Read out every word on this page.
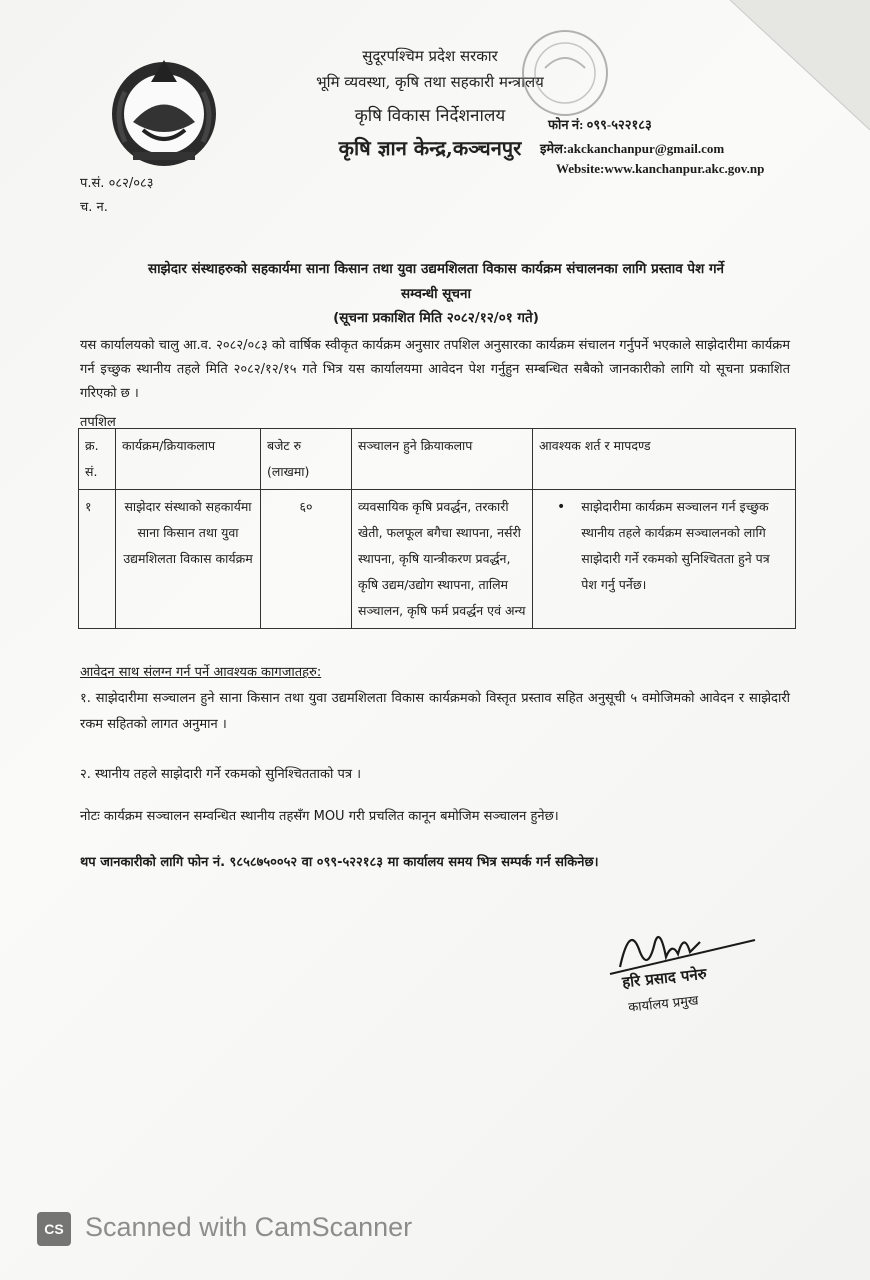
सुदूरपश्चिम प्रदेश सरकार
भूमि व्यवस्था, कृषि तथा सहकारी मन्त्रालय
कृषि विकास निर्देशनालय
कृषि ज्ञान केन्द्र,कञ्चनपुर
फोन नं: ०९९-५२२१८३
इमेल:akckanchanpur@gmail.com
Website:www.kanchanpur.akc.gov.np
प.सं. ०८२/०८३
च. न.
साझेदार संस्थाहरुको सहकार्यमा साना किसान तथा युवा उद्यमशिलता विकास कार्यक्रम संचालनका लागि प्रस्ताव पेश गर्ने
सम्वन्धी सूचना
(सूचना प्रकाशित मिति २०८२/१२/०१ गते)
यस कार्यालयको चालु आ.व. २०८२/०८३ को वार्षिक स्वीकृत कार्यक्रम अनुसार तपशिल अनुसारका कार्यक्रम संचालन गर्नुपर्ने भएकाले साझेदारीमा कार्यक्रम गर्न इच्छुक स्थानीय तहले मिति २०८२/१२/१५ गते भित्र यस कार्यालयमा आवेदन पेश गर्नुहुन सम्बन्धित सबैको जानकारीको लागि यो सूचना प्रकाशित गरिएको छ ।
तपशिल
क्र. सं.	कार्यक्रम/क्रियाकलाप	बजेट रु (लाखमा)	सञ्चालन हुने क्रियाकलाप	आवश्यक शर्त र मापदण्ड
१	साझेदार संस्थाको सहकार्यमा साना किसान तथा युवा उद्यमशिलता विकास कार्यक्रम	६०	व्यवसायिक कृषि प्रवर्द्धन, तरकारी खेती, फलफूल बगैचा स्थापना, नर्सरी स्थापना, कृषि यान्त्रीकरण प्रवर्द्धन, कृषि उद्यम/उद्योग स्थापना, तालिम सञ्चालन, कृषि फर्म प्रवर्द्धन एवं अन्य	• साझेदारीमा कार्यक्रम सञ्चालन गर्न इच्छुक स्थानीय तहले कार्यक्रम सञ्चालनको लागि साझेदारी गर्ने रकमको सुनिश्चितता हुने पत्र पेश गर्नु पर्नेछ।
आवेदन साथ संलग्न गर्न पर्ने आवश्यक कागजातहरु:
१. साझेदारीमा सञ्चालन हुने साना किसान तथा युवा उद्यमशिलता विकास कार्यक्रमको विस्तृत प्रस्ताव सहित अनुसूची ५ वमोजिमको आवेदन र साझेदारी रकम सहितको लागत अनुमान ।
२. स्थानीय तहले साझेदारी गर्ने रकमको सुनिश्चितताको पत्र ।
नोटः कार्यक्रम सञ्चालन सम्वन्धित स्थानीय तहसँग MOU गरी प्रचलित कानून बमोजिम सञ्चालन हुनेछ।
थप जानकारीको लागि फोन नं. ९८५८७५००५२ वा ०९९-५२२१८३ मा कार्यालय समय भित्र सम्पर्क गर्न सकिनेछ।
हरि प्रसाद पनेरु
कार्यालय प्रमुख
CS Scanned with CamScanner
